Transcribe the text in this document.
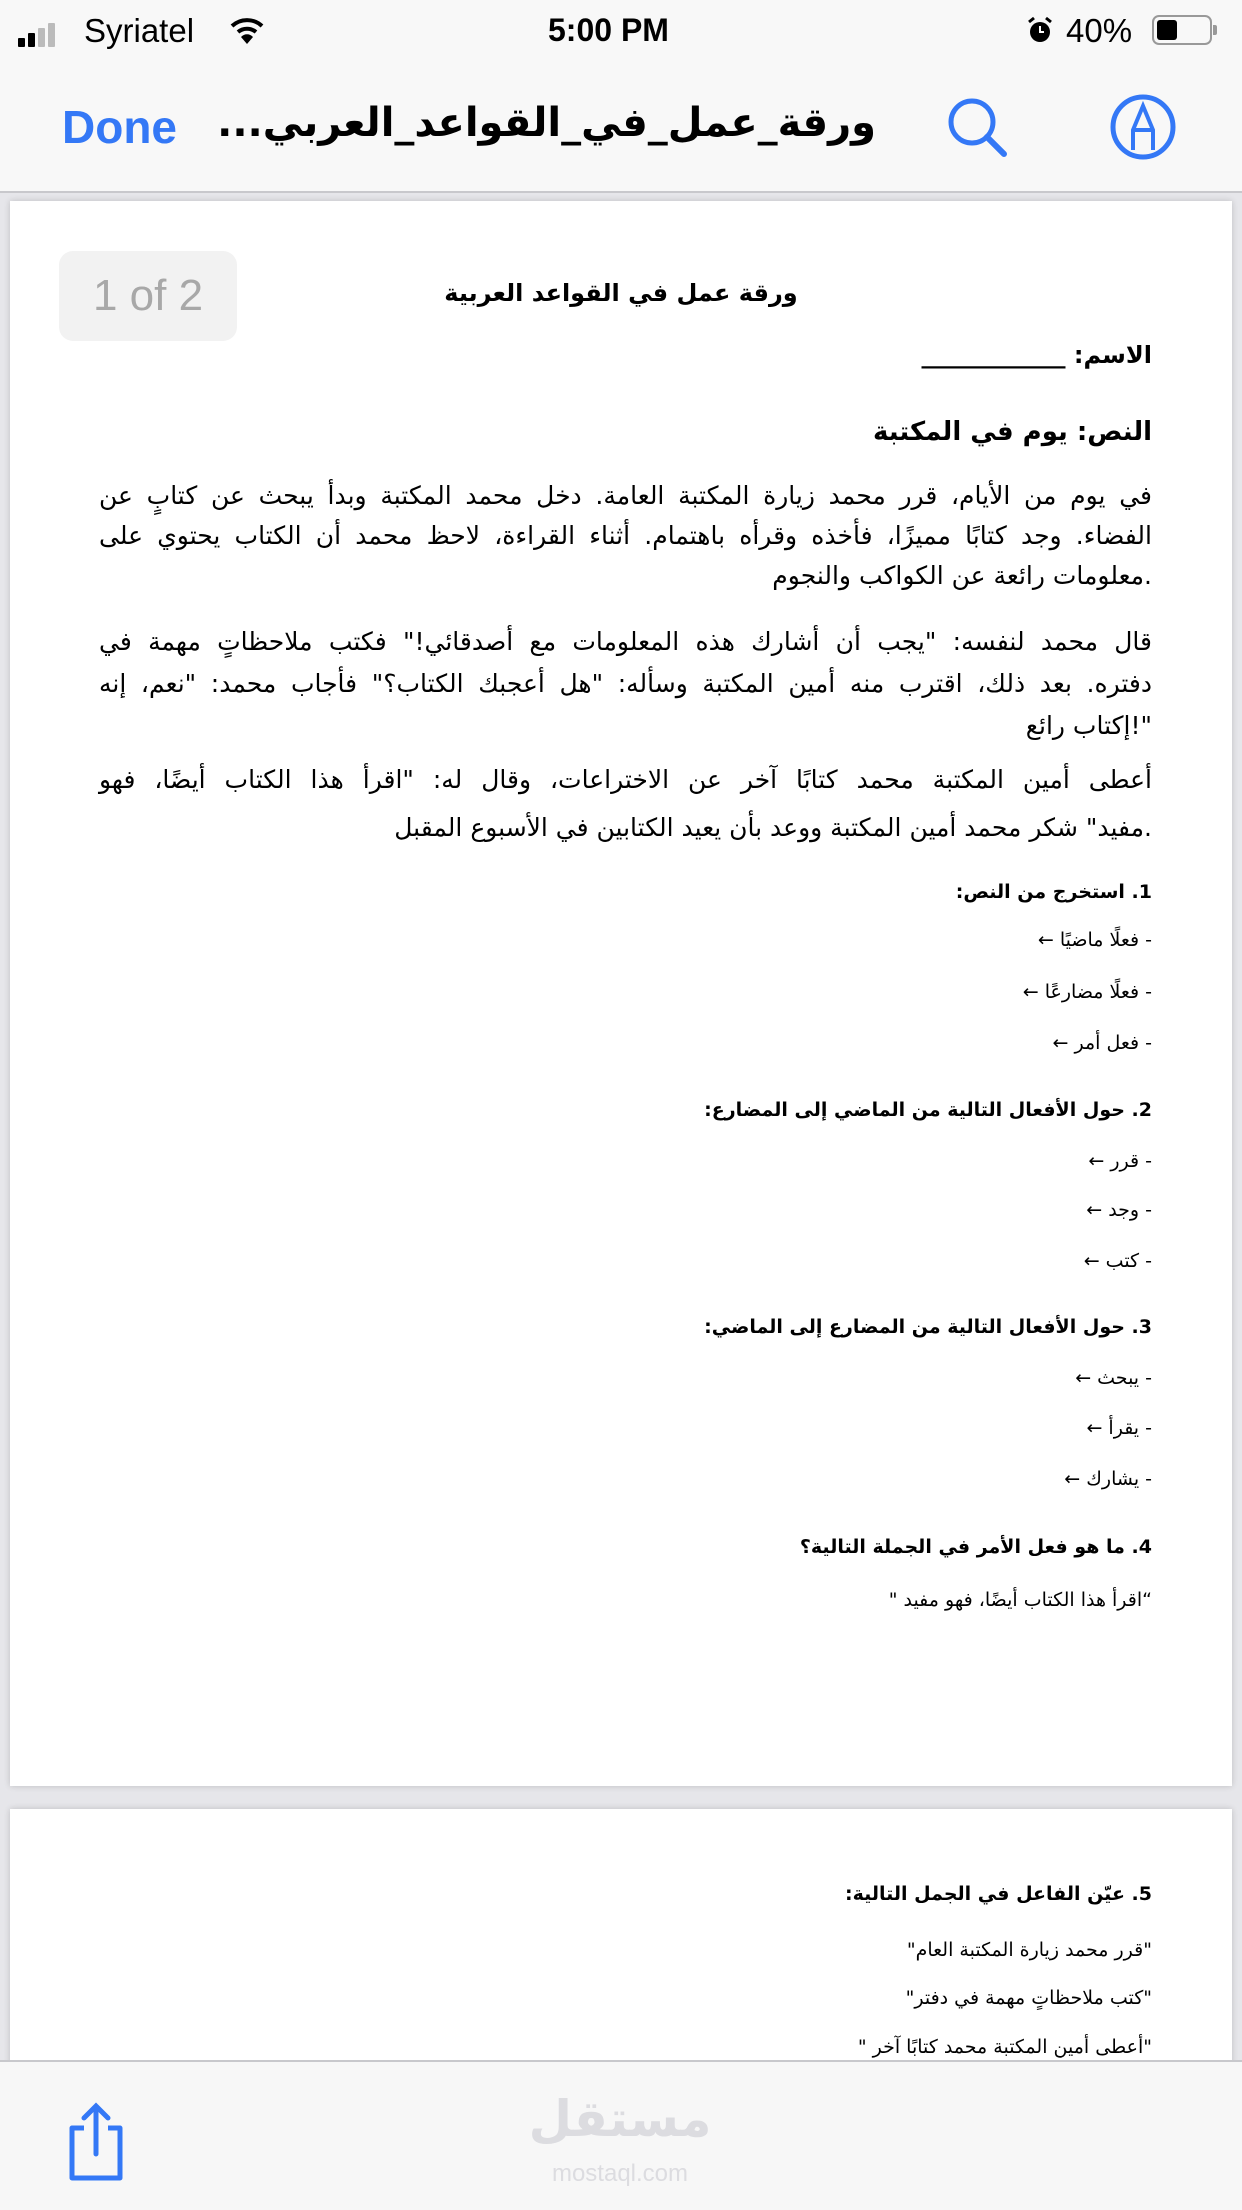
Syriatel	5:00 PM	40%
Done ورقة_عمل_في_القواعد_العربي...
1 of 2	ورقة عمل في القواعد العربية
الاسم: ____________
النص: يوم في المكتبة
في يوم من الأيام، قرر محمد زيارة المكتبة العامة. دخل محمد المكتبة وبدأ يبحث عن كتابٍ عن
الفضاء. وجد كتابًا مميزًا، فأخذه وقرأه باهتمام. أثناء القراءة، لاحظ محمد أن الكتاب يحتوي على
.معلومات رائعة عن الكواكب والنجوم
قال محمد لنفسه: "يجب أن أشارك هذه المعلومات مع أصدقائي!" فكتب ملاحظاتٍ مهمة في
دفتره. بعد ذلك، اقترب منه أمين المكتبة وسأله: "هل أعجبك الكتاب؟" فأجاب محمد: "نعم، إنه
"!إكتاب رائع
أعطى أمين المكتبة محمد كتابًا آخر عن الاختراعات، وقال له: "اقرأ هذا الكتاب أيضًا، فهو
.مفيد" شكر محمد أمين المكتبة ووعد بأن يعيد الكتابين في الأسبوع المقبل
1. استخرج من النص:
- فعلًا ماضيًا ←
- فعلًا مضارعًا ←
- فعل أمر ←
2. حول الأفعال التالية من الماضي إلى المضارع:
- قرر ←
- وجد ←
- كتب ←
3. حول الأفعال التالية من المضارع إلى الماضي:
- يبحث ←
- يقرأ ←
- يشارك ←
4. ما هو فعل الأمر في الجملة التالية؟
“اقرأ هذا الكتاب أيضًا، فهو مفيد "
5. عيّن الفاعل في الجمل التالية:
"قرر محمد زيارة المكتبة العام"
"كتب ملاحظاتٍ مهمة في دفتر"
"أعطى أمين المكتبة محمد كتابًا آخر "
مستقل
mostaql.com
